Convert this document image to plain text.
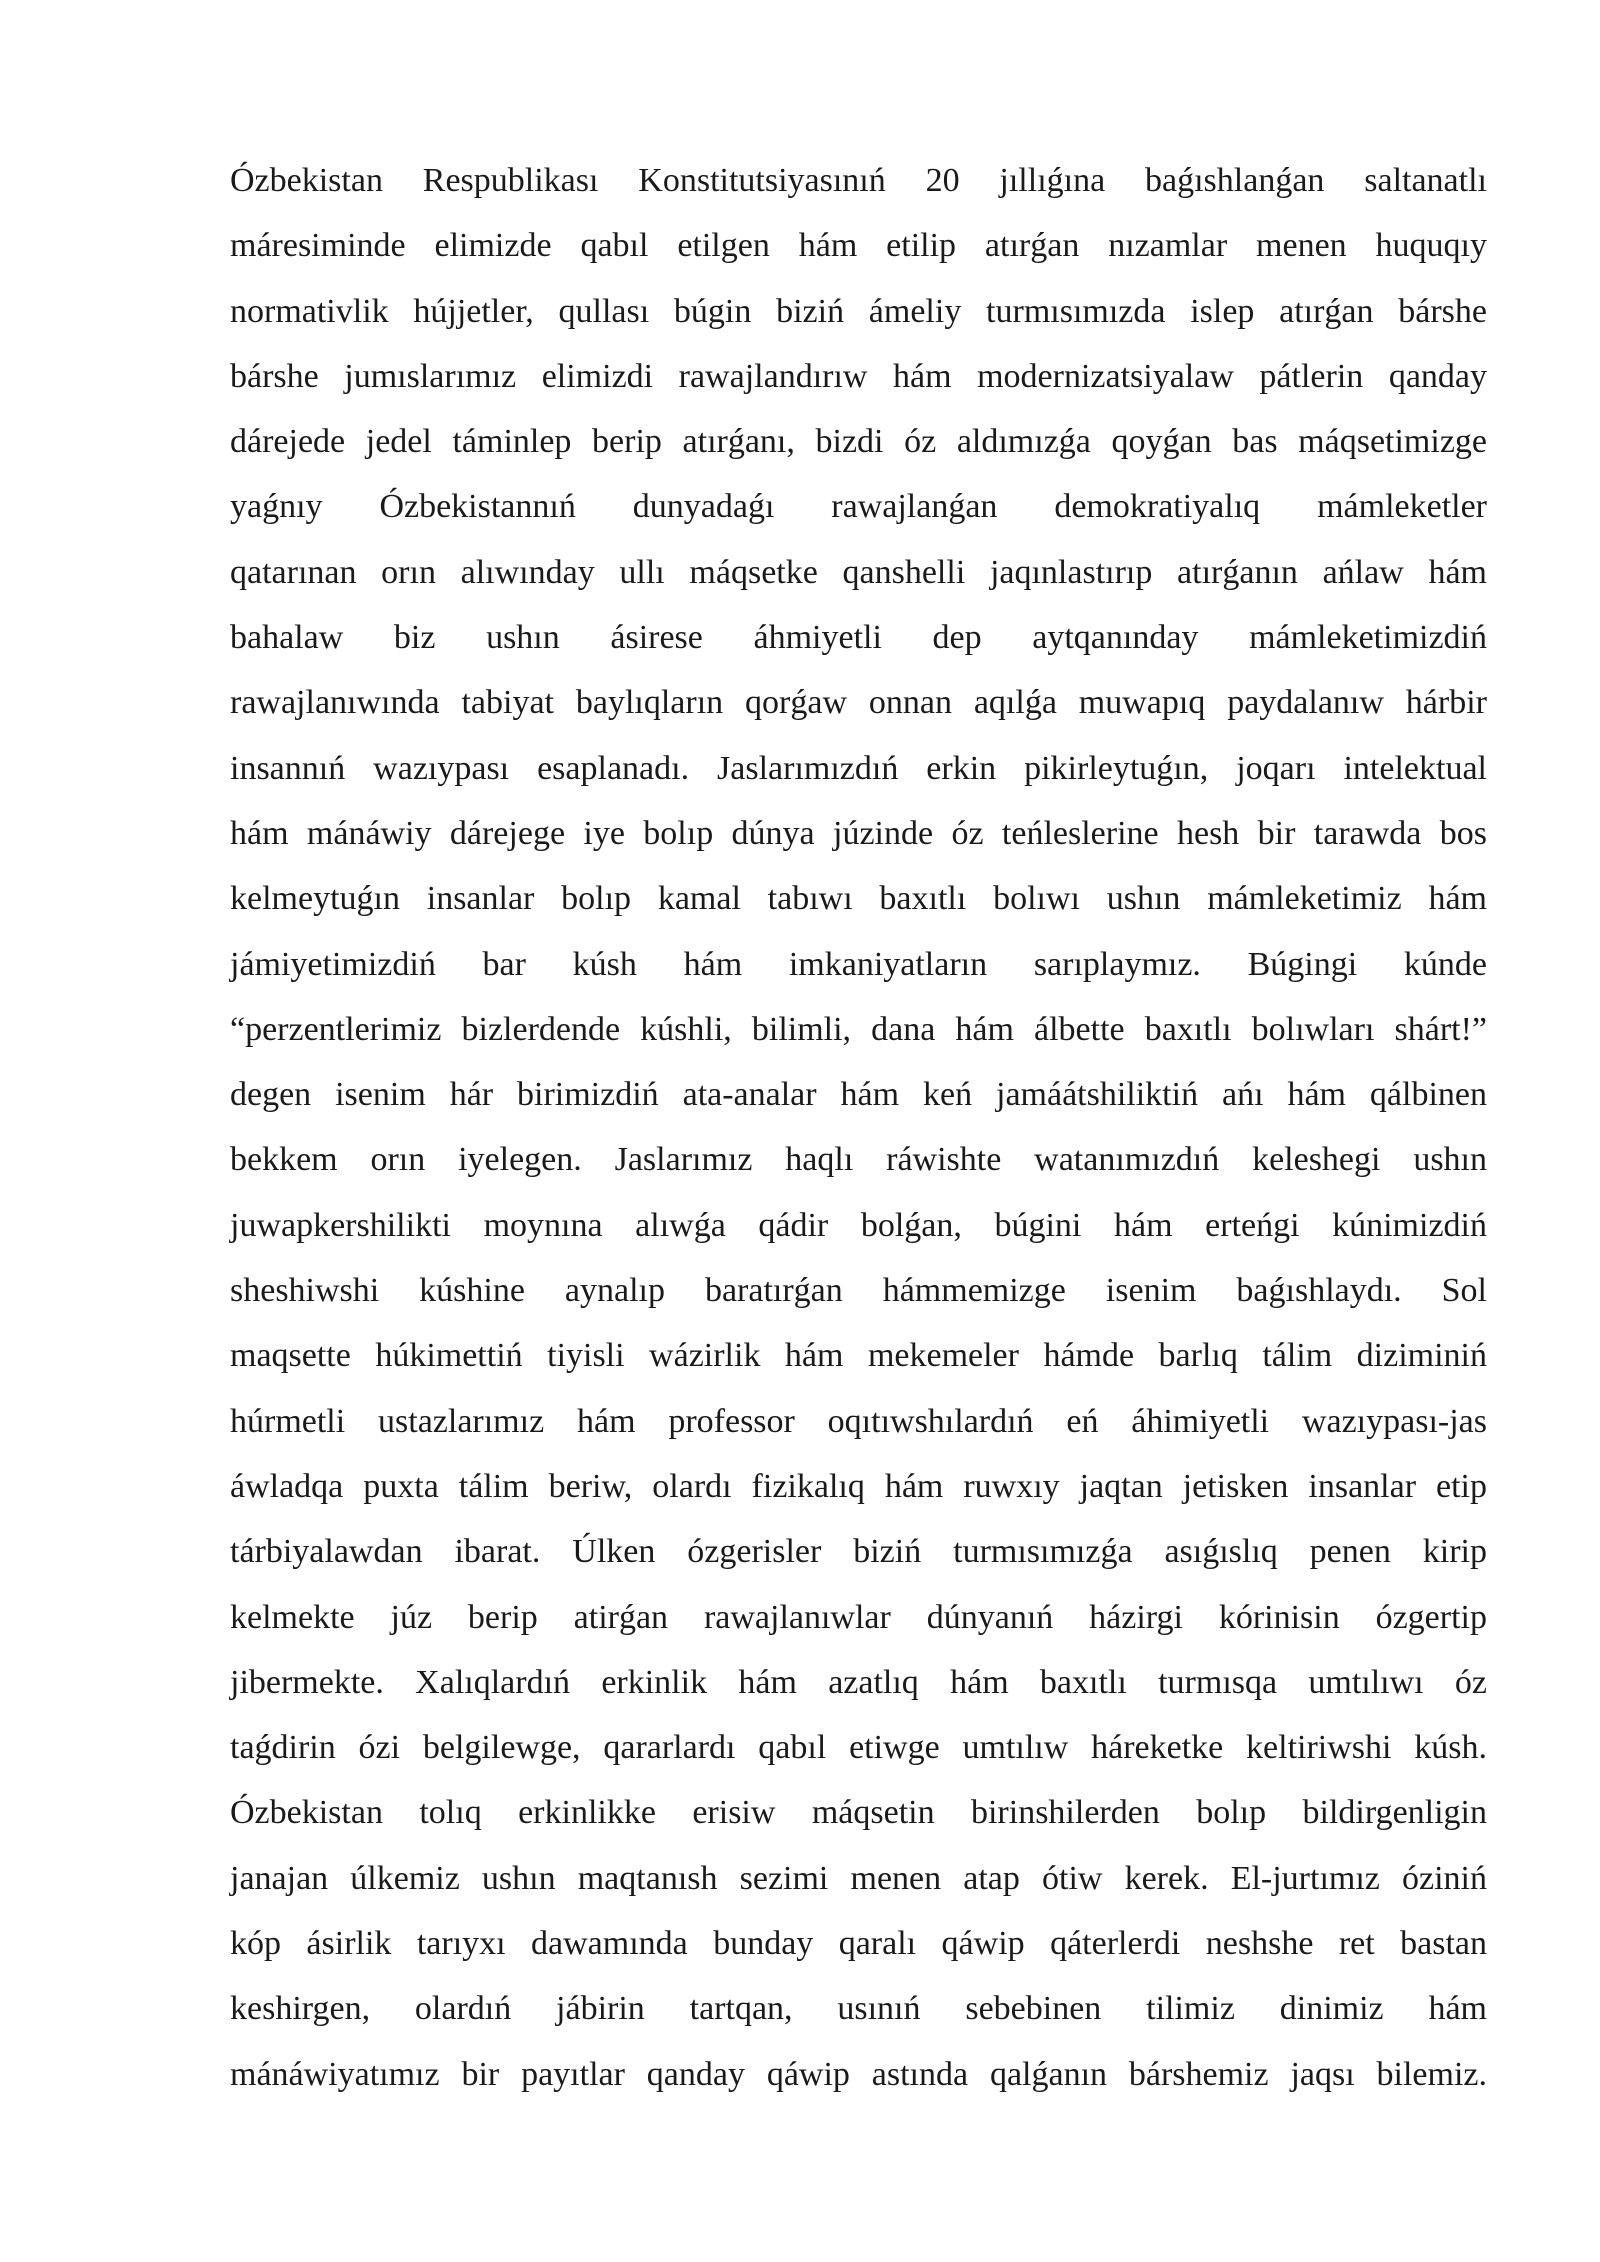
Ózbekistan Respublikası Konstitutsiyasınıń 20 jıllıǵına baǵıshlanǵan saltanatlı
máresiminde elimizde qabıl etilgen hám etilip atırǵan nızamlar menen huquqıy
normativlik hújjetler, qullası búgin biziń ámeliy turmısımızda islep atırǵan bárshe
bárshe jumıslarımız elimizdi rawajlandırıw hám modernizatsiyalaw pátlerin qanday
dárejede jedel táminlep berip atırǵanı, bizdi óz aldımızǵa qoyǵan bas máqsetimizge
yaǵnıy Ózbekistannıń dunyadaǵı rawajlanǵan demokratiyalıq mámleketler
qatarınan orın alıwınday ullı máqsetke qanshelli jaqınlastırıp atırǵanın ańlaw hám
bahalaw biz ushın ásirese áhmiyetli dep aytqanınday mámleketimizdiń
rawajlanıwında tabiyat baylıqların qorǵaw onnan aqılǵa muwapıq paydalanıw hárbir
insannıń wazıypası esaplanadı. Jaslarımızdıń erkin pikirleytuǵın, joqarı intelektual
hám mánáwiy dárejege iye bolıp dúnya júzinde óz teńleslerine hesh bir tarawda bos
kelmeytuǵın insanlar bolıp kamal tabıwı baxıtlı bolıwı ushın mámleketimiz hám
jámiyetimizdiń bar kúsh hám imkaniyatların sarıplaymız. Búgingi kúnde
“perzentlerimiz bizlerdende kúshli, bilimli, dana hám álbette baxıtlı bolıwları shárt!”
degen isenim hár birimizdiń ata-analar hám keń jamáátshiliktiń ańı hám qálbinen
bekkem orın iyelegen. Jaslarımız haqlı ráwishte watanımızdıń keleshegi ushın
juwapkershilikti moynına alıwǵa qádir bolǵan, búgini hám erteńgi kúnimizdiń
sheshiwshi kúshine aynalıp baratırǵan hámmemizge isenim baǵıshlaydı. Sol
maqsette húkimettiń tiyisli wázirlik hám mekemeler hámde barlıq tálim diziminiń
húrmetli ustazlarımız hám professor oqıtıwshılardıń eń áhimiyetli wazıypası-jas
áwladqa puxta tálim beriw, olardı fizikalıq hám ruwxıy jaqtan jetisken insanlar etip
tárbiyalawdan ibarat. Úlken ózgerisler biziń turmısımızǵa asıǵıslıq penen kirip
kelmekte júz berip atirǵan rawajlanıwlar dúnyanıń házirgi kórinisin ózgertip
jibermekte. Xalıqlardıń erkinlik hám azatlıq hám baxıtlı turmısqa umtılıwı óz
taǵdirin ózi belgilewge, qararlardı qabıl etiwge umtılıw háreketke keltiriwshi kúsh.
Ózbekistan tolıq erkinlikke erisiw máqsetin birinshilerden bolıp bildirgenligin
janajan úlkemiz ushın maqtanısh sezimi menen atap ótiw kerek. El-jurtımız óziniń
kóp ásirlik tarıyxı dawamında bunday qaralı qáwip qáterlerdi neshshe ret bastan
keshirgen, olardıń jábirin tartqan, usınıń sebebinen tilimiz dinimiz hám
mánáwiyatımız bir payıtlar qanday qáwip astında qalǵanın bárshemiz jaqsı bilemiz.
